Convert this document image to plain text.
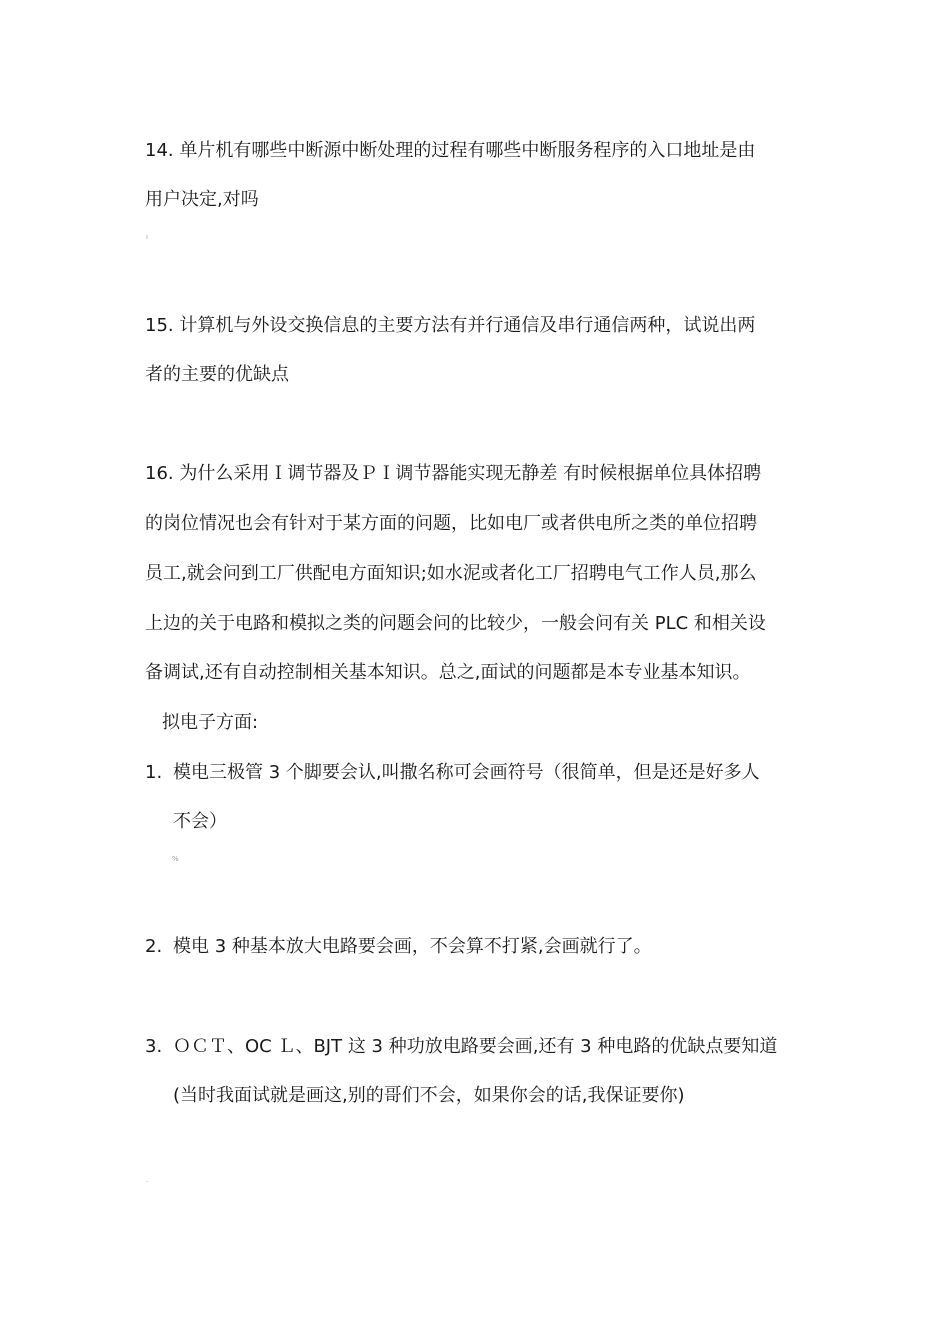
14. 单片机有哪些中断源中断处理的过程有哪些中断服务程序的入口地址是由
用户决定,对吗
ı
15. 计算机与外设交换信息的主要方法有并行通信及串行通信两种，试说出两
者的主要的优缺点
16. 为什么采用Ｉ调节器及ＰＩ调节器能实现无静差 有时候根据单位具体招聘
的岗位情况也会有针对于某方面的问题，比如电厂或者供电所之类的单位招聘
员工,就会问到工厂供配电方面知识;如水泥或者化工厂招聘电气工作人员,那么
上边的关于电路和模拟之类的问题会问的比较少，一般会问有关 PLC 和相关设
备调试,还有自动控制相关基本知识。总之,面试的问题都是本专业基本知识。
拟电子方面:
1. 模电三极管 3 个脚要会认,叫撒名称可会画符号（很简单，但是还是好多人
不会）
%
2. 模电 3 种基本放大电路要会画，不会算不打紧,会画就行了。
3. ＯＣＴ、OC Ｌ、BJT 这 3 种功放电路要会画,还有 3 种电路的优缺点要知道
(当时我面试就是画这,别的哥们不会，如果你会的话,我保证要你)
.
